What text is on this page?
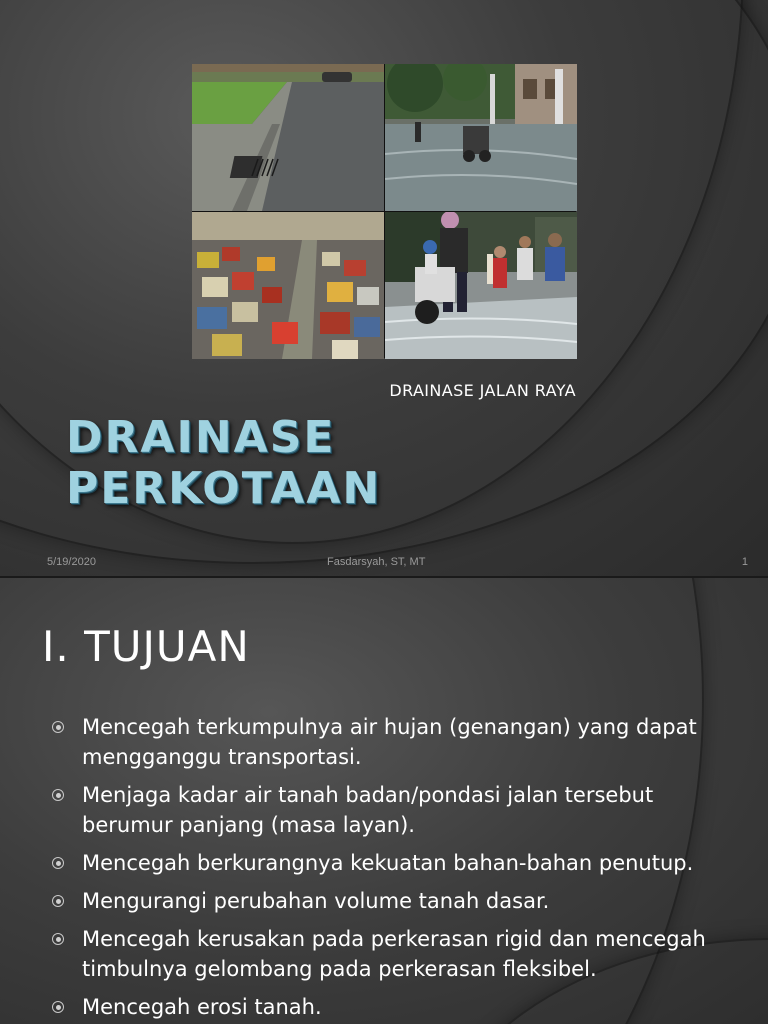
DRAINASE JALAN RAYA
DRAINASE PERKOTAAN
5/19/2020	Fasdarsyah, ST, MT	1
I. TUJUAN
Mencegah terkumpulnya air hujan (genangan) yang dapat mengganggu transportasi.
Menjaga kadar air tanah badan/pondasi jalan tersebut berumur panjang (masa layan).
Mencegah berkurangnya kekuatan bahan-bahan penutup.
Mengurangi perubahan volume tanah dasar.
Mencegah kerusakan pada perkerasan rigid dan mencegah timbulnya gelombang pada perkerasan fleksibel.
Mencegah erosi tanah.
